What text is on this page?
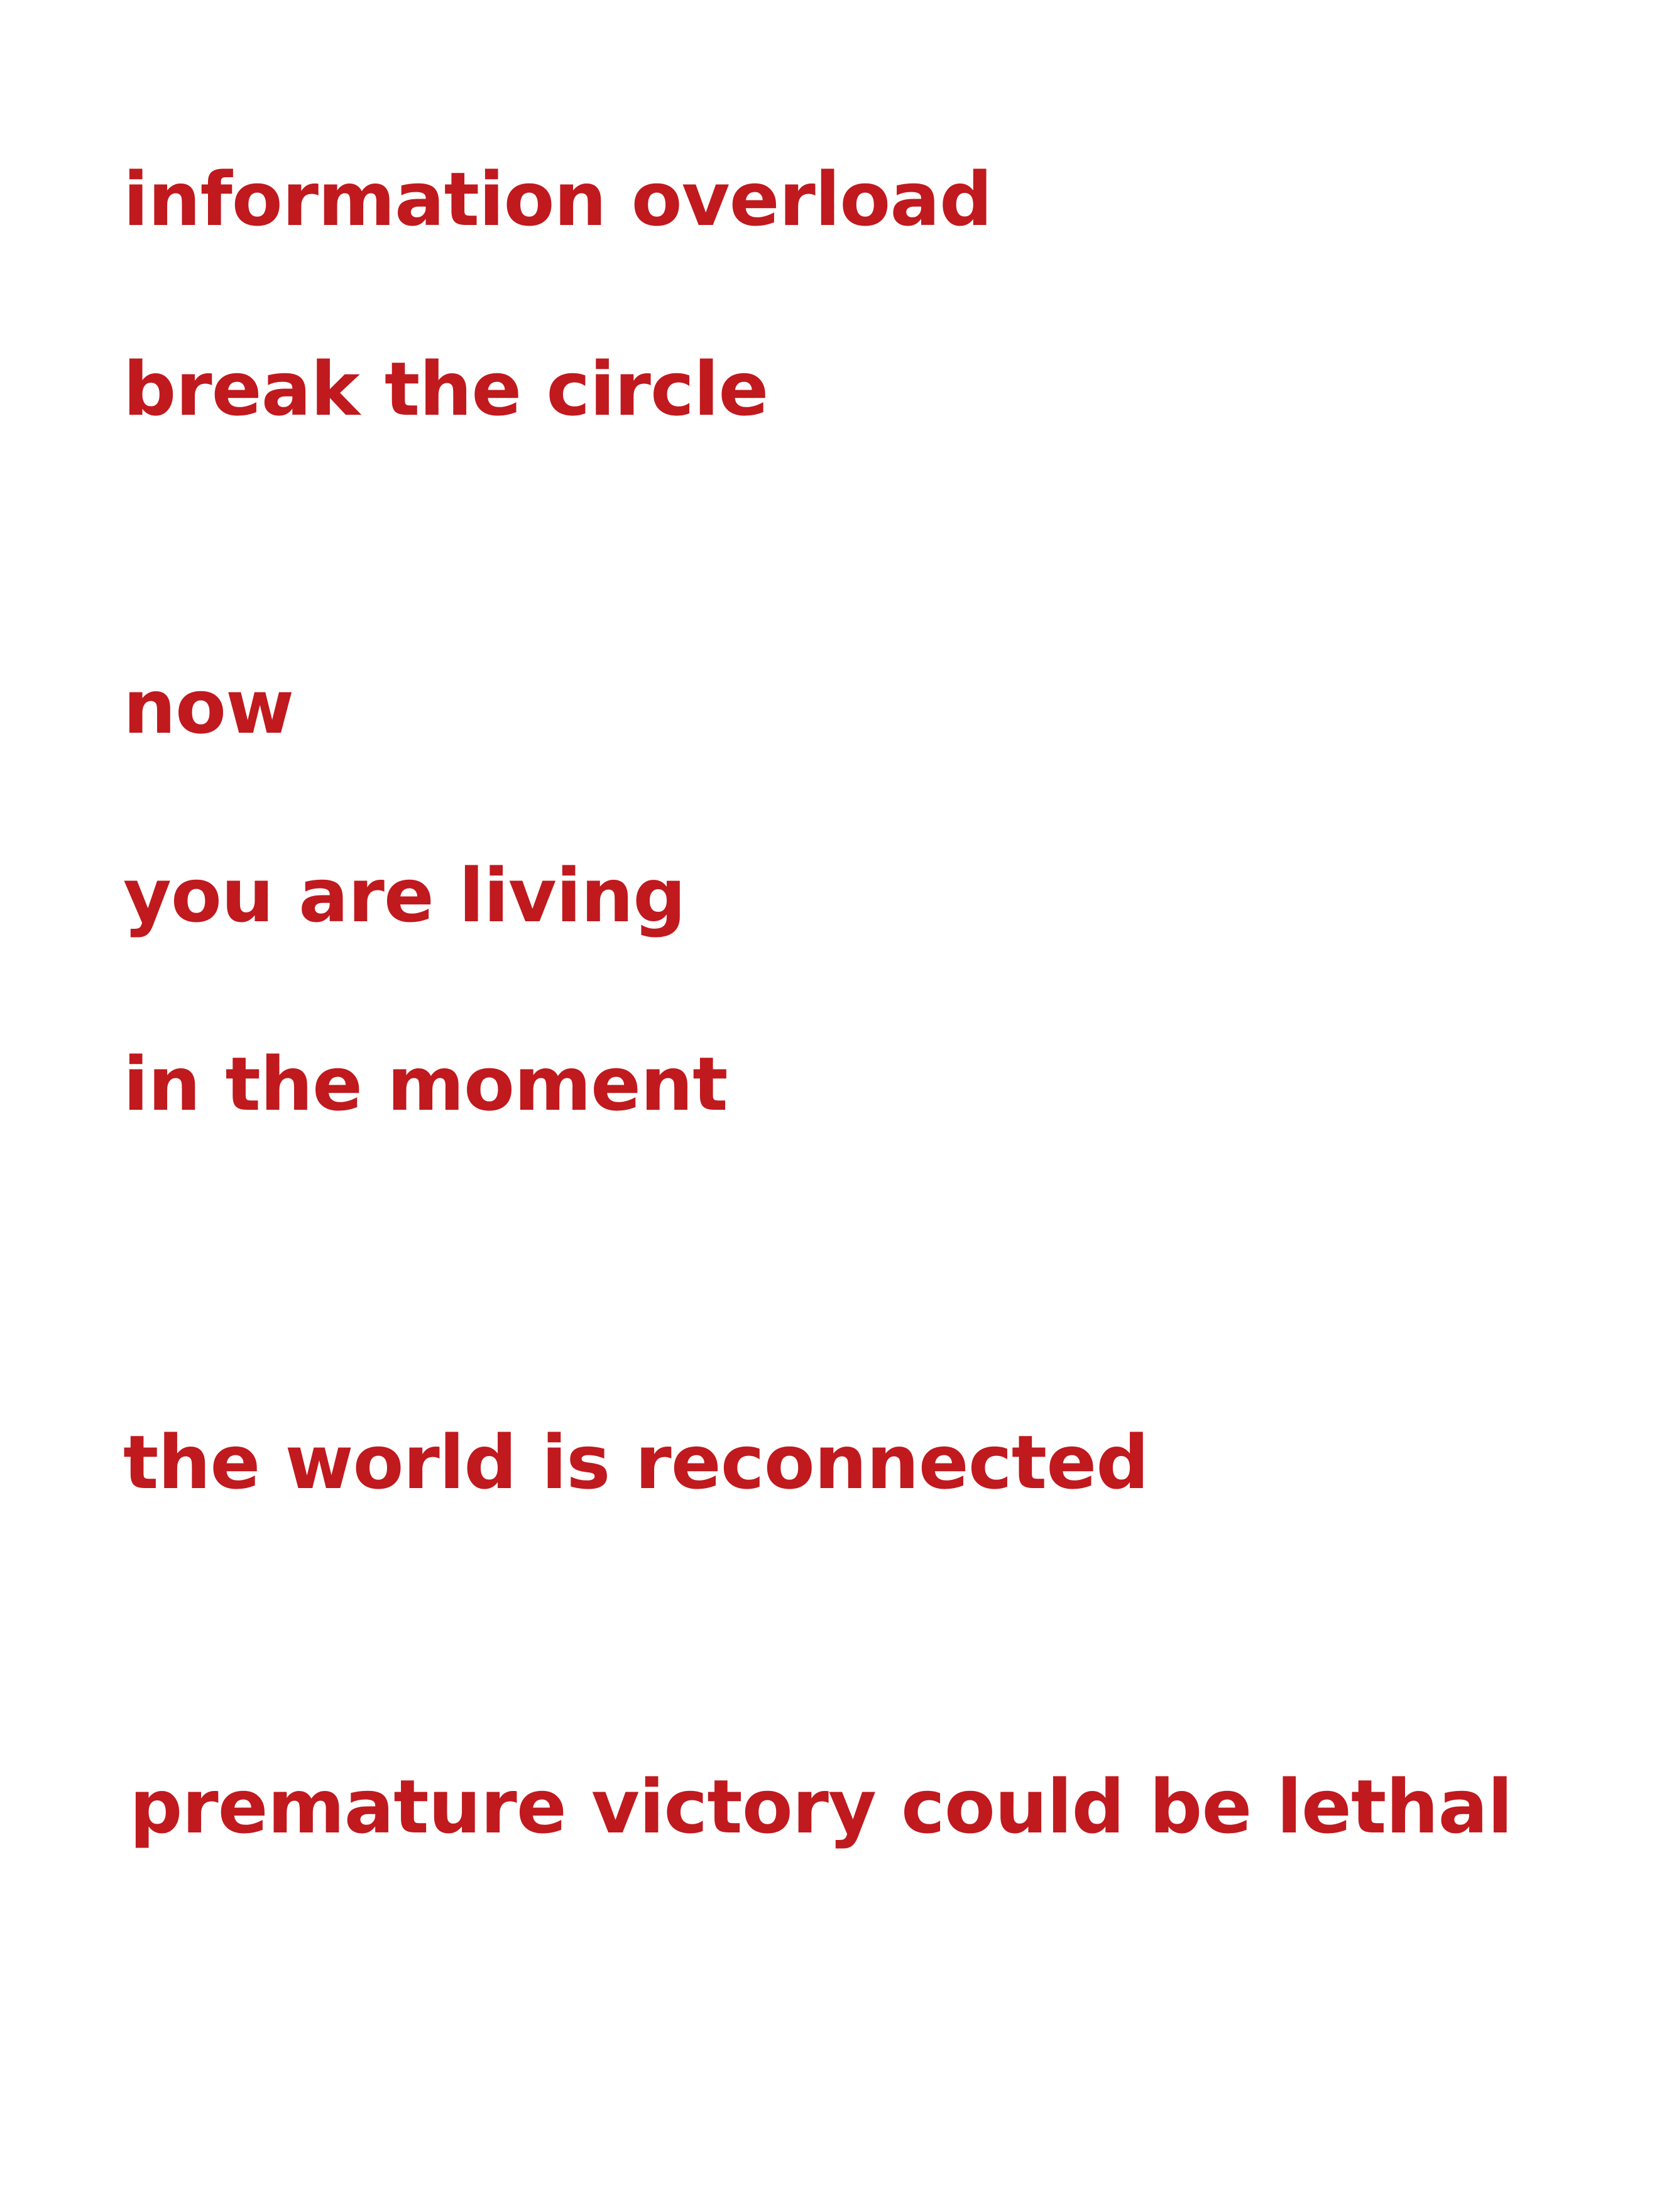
information overload

break the circle

now

you are living

in the moment

the world is reconnected

premature victory could be lethal
